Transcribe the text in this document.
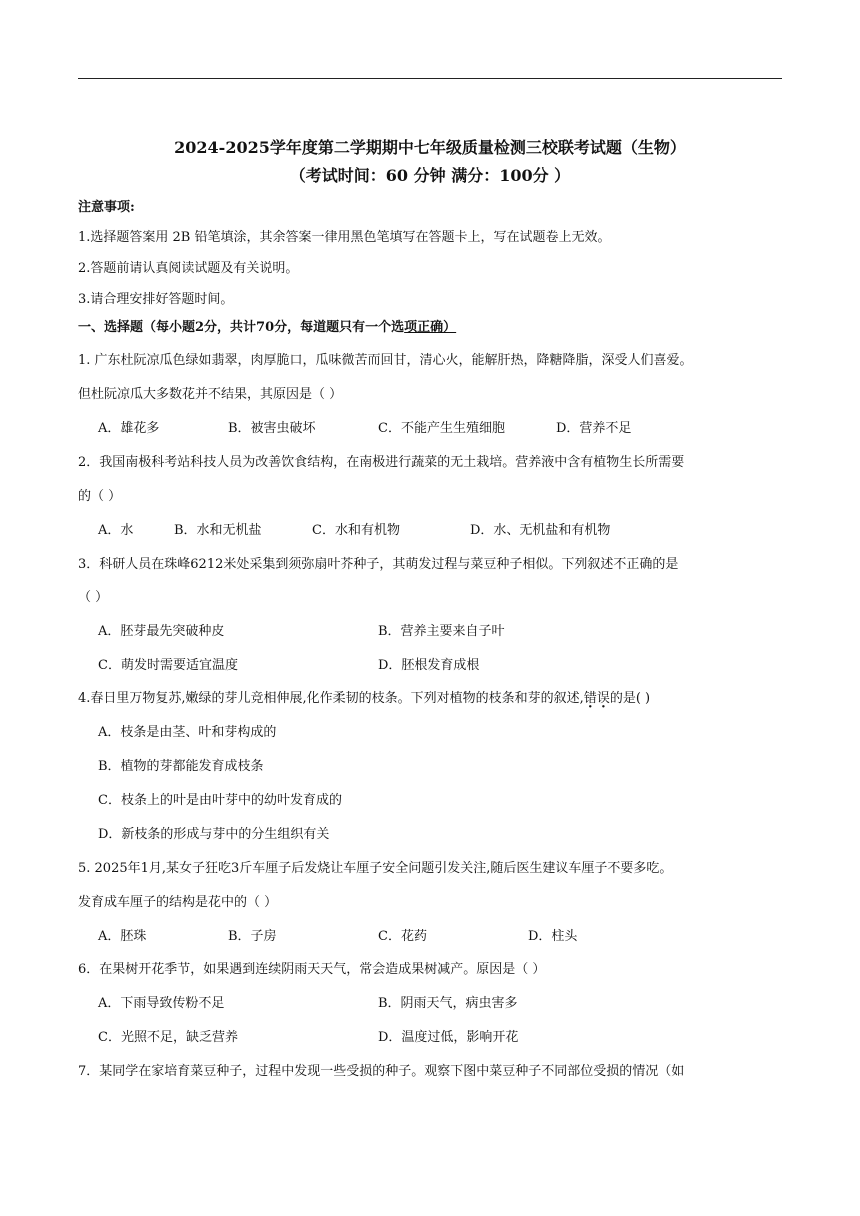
2024-2025学年度第二学期期中七年级质量检测三校联考试题（生物）
（考试时间：60 分钟 满分：100分 ）
注意事项:
1.选择题答案用 2B 铅笔填涂，其余答案一律用黑色笔填写在答题卡上，写在试题卷上无效。
2.答题前请认真阅读试题及有关说明。
3.请合理安排好答题时间。
一、选择题（每小题2分，共计70分，每道题只有一个选项正确）
1. 广东杜阮凉瓜色绿如翡翠，肉厚脆口，瓜味微苦而回甘，清心火，能解肝热，降糖降脂，深受人们喜爱。
但杜阮凉瓜大多数花并不结果，其原因是（ ）
A．雄花多	B．被害虫破坏	C．不能产生生殖细胞	D．营养不足
2．我国南极科考站科技人员为改善饮食结构，在南极进行蔬菜的无土栽培。营养液中含有植物生长所需要
的（ ）
A．水	B．水和无机盐	C．水和有机物	D．水、无机盐和有机物
3．科研人员在珠峰6212米处采集到须弥扇叶芥种子，其萌发过程与菜豆种子相似。下列叙述不正确的是
（ ）
A．胚芽最先突破种皮	B．营养主要来自子叶
C．萌发时需要适宜温度	D．胚根发育成根
4.春日里万物复苏,嫩绿的芽儿竞相伸展,化作柔韧的枝条。下列对植物的枝条和芽的叙述,错误的是( )
A．枝条是由茎、叶和芽构成的
B．植物的芽都能发育成枝条
C．枝条上的叶是由叶芽中的幼叶发育成的
D．新枝条的形成与芽中的分生组织有关
5. 2025年1月,某女子狂吃3斤车厘子后发烧让车厘子安全问题引发关注,随后医生建议车厘子不要多吃。
发育成车厘子的结构是花中的（ ）
A．胚珠	B．子房	C．花药	D．柱头
6．在果树开花季节，如果遇到连续阴雨天天气，常会造成果树减产。原因是（ ）
A．下雨导致传粉不足	B．阴雨天气，病虫害多
C．光照不足，缺乏营养	D．温度过低，影响开花
7．某同学在家培育菜豆种子，过程中发现一些受损的种子。观察下图中菜豆种子不同部位受损的情况（如
